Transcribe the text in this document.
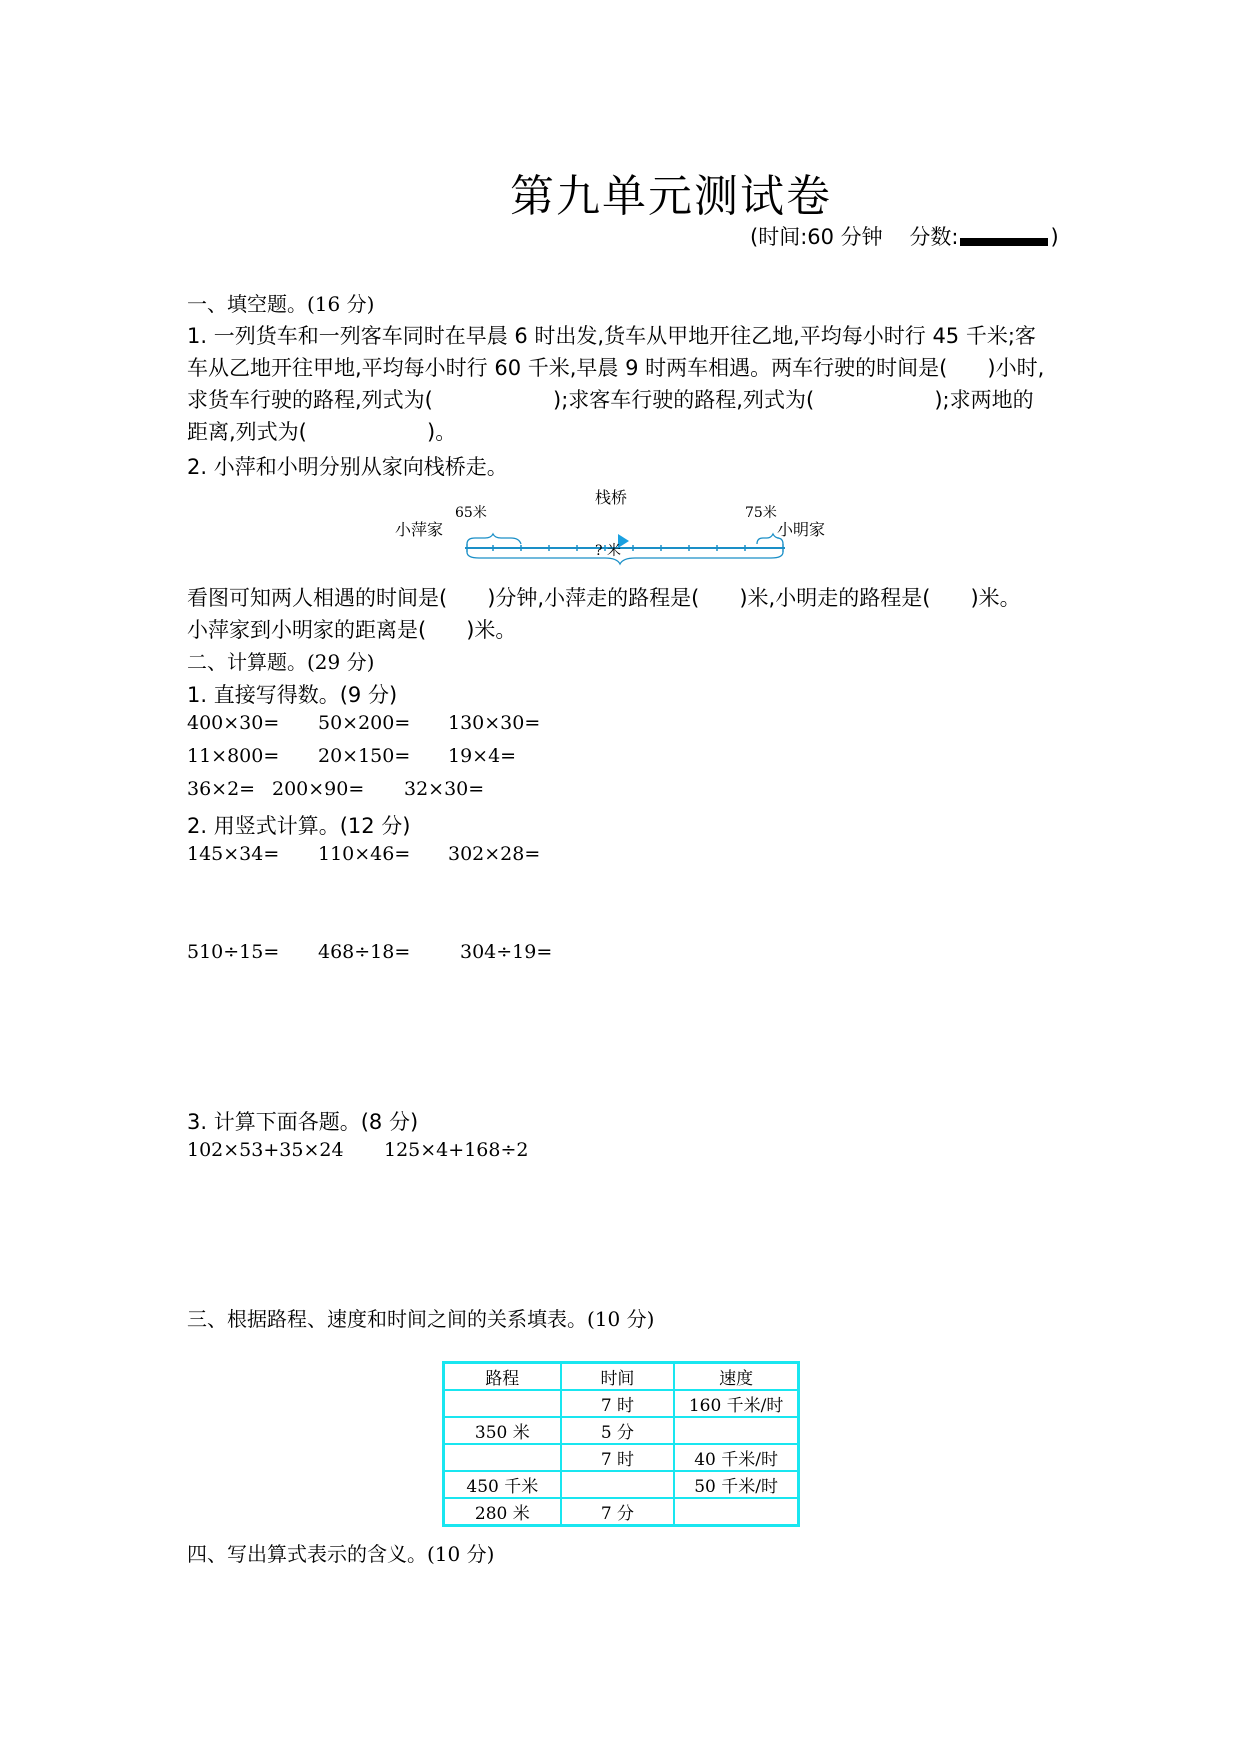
第九单元测试卷
(时间:60 分钟 分数:	)
一、填空题。(16 分)
1. 一列货车和一列客车同时在早晨 6 时出发,货车从甲地开往乙地,平均每小时行 45 千米;客
车从乙地开往甲地,平均每小时行 60 千米,早晨 9 时两车相遇。两车行驶的时间是(      )小时,
求货车行驶的路程,列式为(                  );求客车行驶的路程,列式为(                  );求两地的
距离,列式为(                  )。
2. 小萍和小明分别从家向栈桥走。

小萍家

	小明家

栈桥

65米

	75米

? 米

看图可知两人相遇的时间是(      )分钟,小萍走的路程是(      )米,小明走的路程是(      )米。
小萍家到小明家的距离是(      )米。
二、计算题。(29 分)
1. 直接写得数。(9 分)
400×30= 50×200= 130×30=
11×800= 20×150= 19×4=
36×2= 200×90= 32×30=
2. 用竖式计算。(12 分)
145×34= 110×46= 302×28=
510÷15= 468÷18=	304÷19=
3. 计算下面各题。(8 分)
102×53+35×24 125×4+168÷2
三、根据路程、速度和时间之间的关系填表。(10 分)
路程	时间	速度
	7 时	160 千米/时
350 米	5 分	
	7 时	40 千米/时
450 千米		50 千米/时
280 米	7 分	
四、写出算式表示的含义。(10 分)
